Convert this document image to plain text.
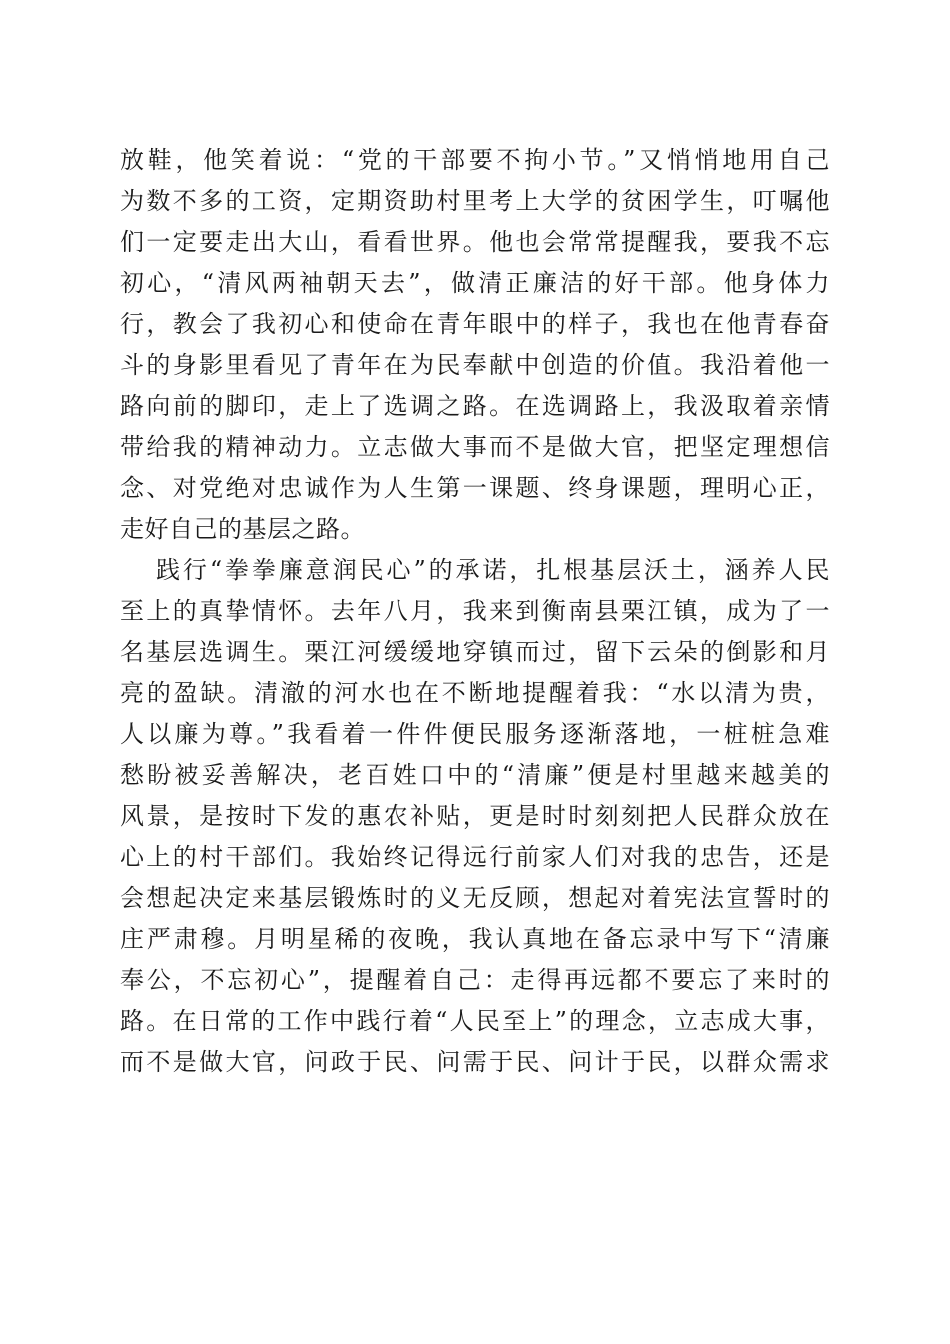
放鞋，他笑着说：“党的干部要不拘小节。”又悄悄地用自己
为数不多的工资，定期资助村里考上大学的贫困学生，叮嘱他
们一定要走出大山，看看世界。他也会常常提醒我，要我不忘
初心，“清风两袖朝天去”，做清正廉洁的好干部。他身体力
行，教会了我初心和使命在青年眼中的样子，我也在他青春奋
斗的身影里看见了青年在为民奉献中创造的价值。我沿着他一
路向前的脚印，走上了选调之路。在选调路上，我汲取着亲情
带给我的精神动力。立志做大事而不是做大官，把坚定理想信
念、对党绝对忠诚作为人生第一课题、终身课题，理明心正，
走好自己的基层之路。
践行“拳拳廉意润民心”的承诺，扎根基层沃土，涵养人民
至上的真挚情怀。去年八月，我来到衡南县栗江镇，成为了一
名基层选调生。栗江河缓缓地穿镇而过，留下云朵的倒影和月
亮的盈缺。清澈的河水也在不断地提醒着我：“水以清为贵，
人以廉为尊。”我看着一件件便民服务逐渐落地，一桩桩急难
愁盼被妥善解决，老百姓口中的“清廉”便是村里越来越美的
风景，是按时下发的惠农补贴，更是时时刻刻把人民群众放在
心上的村干部们。我始终记得远行前家人们对我的忠告，还是
会想起决定来基层锻炼时的义无反顾，想起对着宪法宣誓时的
庄严肃穆。月明星稀的夜晚，我认真地在备忘录中写下“清廉
奉公，不忘初心”，提醒着自己：走得再远都不要忘了来时的
路。在日常的工作中践行着“人民至上”的理念，立志成大事，
而不是做大官，问政于民、问需于民、问计于民，以群众需求
